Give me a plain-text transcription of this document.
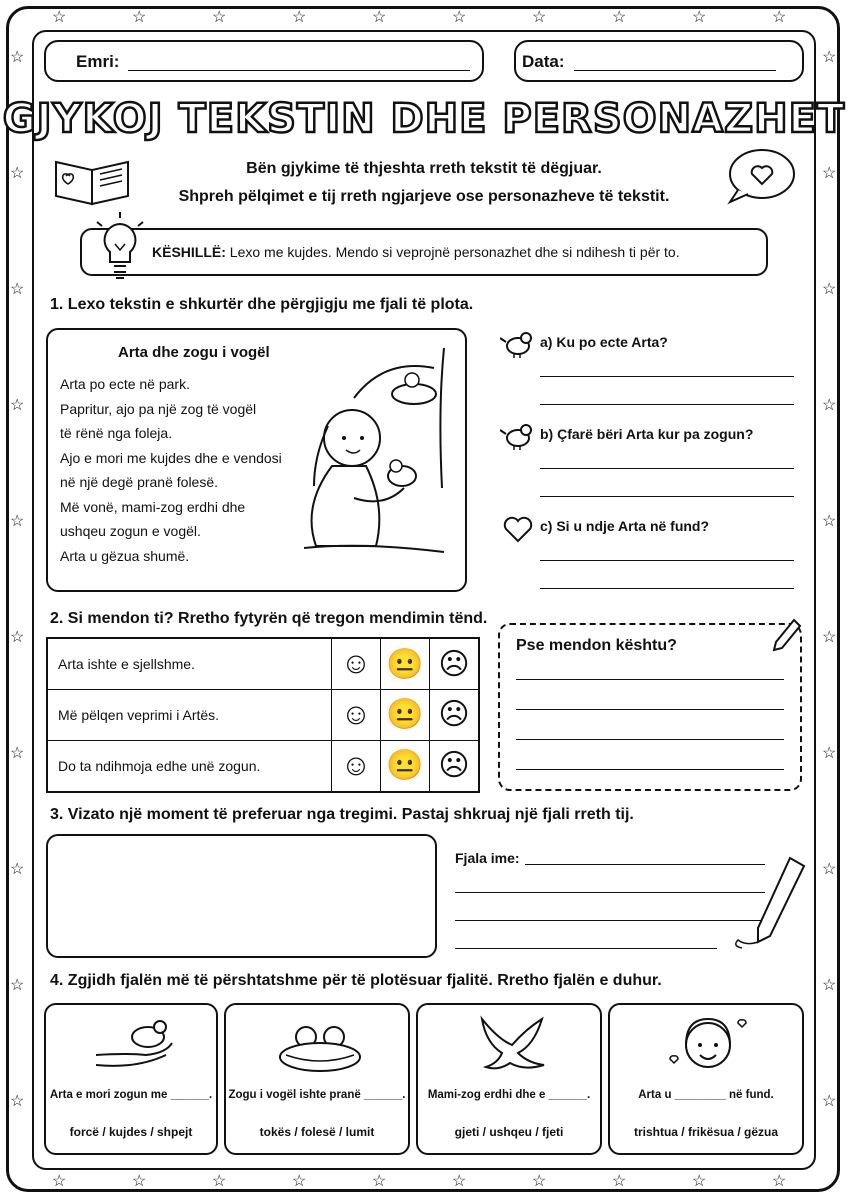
☆
☆
☆
☆
☆
☆
☆
☆
☆
☆
☆
☆
☆
☆
☆
☆
☆
☆
☆
☆
☆	☆
☆	☆
☆	☆
☆	☆
☆	☆
☆	☆
☆	☆
☆	☆
☆	☆
☆	☆
Emri:	Data:
GJYKOJ TEKSTIN DHE PERSONAZHET
Bën gjykime të thjeshta rreth tekstit të dëgjuar.
Shpreh pëlqimet e tij rreth ngjarjeve ose personazheve të tekstit.
KËSHILLË: Lexo me kujdes. Mendo si veprojnë personazhet dhe si ndihesh ti për to.
1. Lexo tekstin e shkurtër dhe përgjigju me fjali të plota.
Arta dhe zogu i vogël

Arta po ecte në park.

Papritur, ajo pa një zog të vogël

të rënë nga foleja.

Ajo e mori me kujdes dhe e vendosi

në një degë pranë folesë.

Më vonë, mami-zog erdhi dhe

ushqeu zogun e vogël.

Arta u gëzua shumë.

a) Ku po ecte Arta?
b) Çfarë bëri Arta kur pa zogun?
c) Si u ndje Arta në fund?
2. Si mendon ti? Rretho fytyrën që tregon mendimin tënd.
Arta ishte e sjellshme.	☺	😐	☹
Më pëlqen veprimi i Artës.	☺	😐	☹
Do ta ndihmoja edhe unë zogun.	☺	😐	☹
Pse mendon kështu?
3. Vizato një moment të preferuar nga tregimi. Pastaj shkruaj një fjali rreth tij.
Fjala ime:
4. Zgjidh fjalën më të përshtatshme për të plotësuar fjalitë. Rretho fjalën e duhur.
Arta e mori zogun me ______.
forcë / kujdes / shpejt
Zogu i vogël ishte pranë ______.
tokës / folesë / lumit
Mami-zog erdhi dhe e ______.
gjeti / ushqeu / fjeti
Arta u ________ në fund.
trishtua / frikësua / gëzua
